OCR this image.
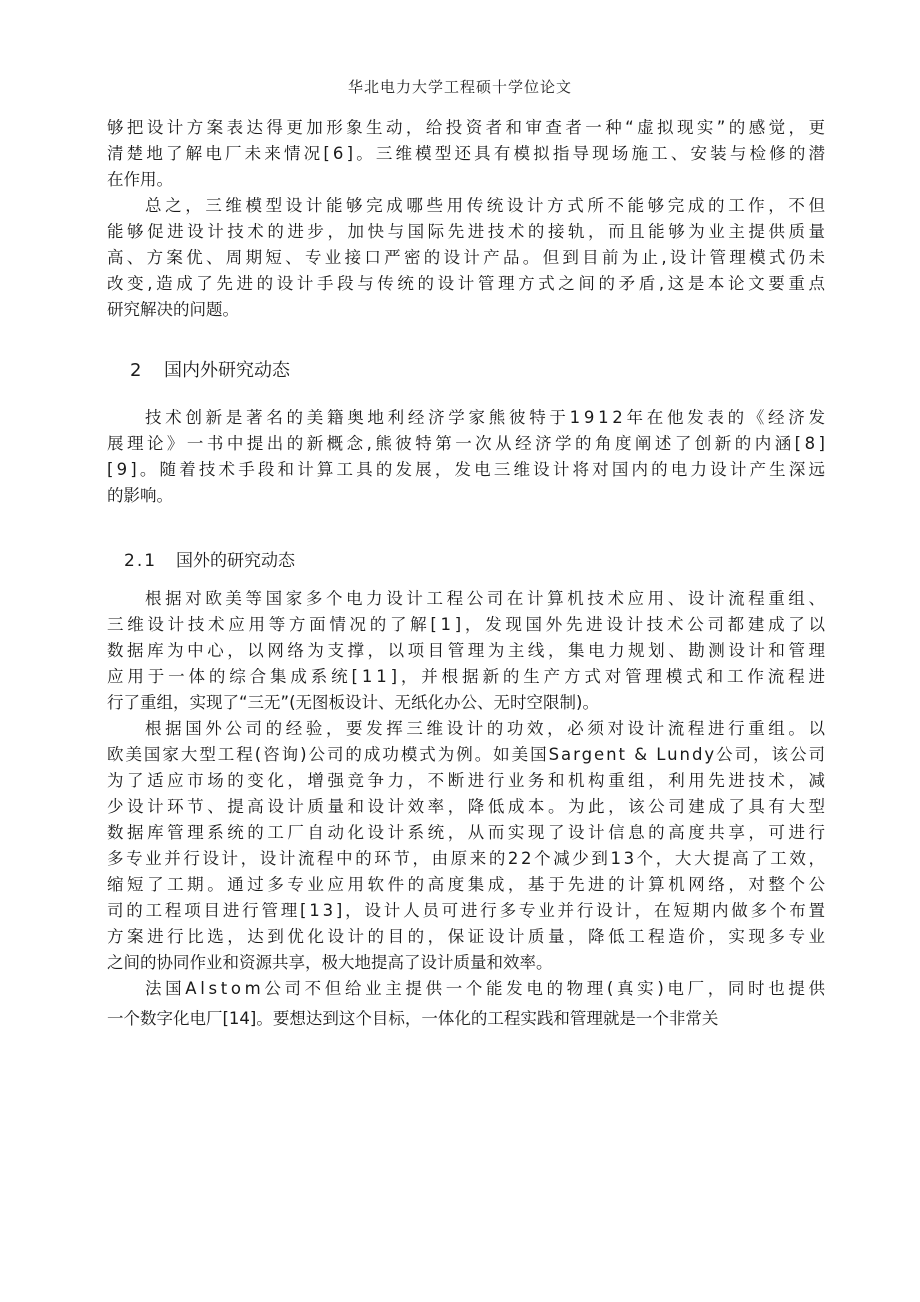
华北电力大学工程硕十学位论文
够把设计方案表达得更加形象生动，给投资者和审查者一种“虚拟现实”的感觉，更
清楚地了解电厂未来情况[6]。三维模型还具有模拟指导现场施工、安装与检修的潜
在作用。
总之，三维模型设计能够完成哪些用传统设计方式所不能够完成的工作，不但
能够促进设计技术的进步，加快与国际先进技术的接轨，而且能够为业主提供质量
高、方案优、周期短、专业接口严密的设计产品。但到目前为止,设计管理模式仍未
改变,造成了先进的设计手段与传统的设计管理方式之间的矛盾,这是本论文要重点
研究解决的问题。
2 国内外研究动态
技术创新是著名的美籍奥地利经济学家熊彼特于1912年在他发表的《经济发
展理论》一书中提出的新概念,熊彼特第一次从经济学的角度阐述了创新的内涵[8]
[9]。随着技术手段和计算工具的发展，发电三维设计将对国内的电力设计产生深远
的影响。
2.1 国外的研究动态
根据对欧美等国家多个电力设计工程公司在计算机技术应用、设计流程重组、
三维设计技术应用等方面情况的了解[1]，发现国外先进设计技术公司都建成了以
数据库为中心，以网络为支撑，以项目管理为主线，集电力规划、勘测设计和管理
应用于一体的综合集成系统[11]，并根据新的生产方式对管理模式和工作流程进
行了重组，实现了“三无”(无图板设计、无纸化办公、无时空限制)。
根据国外公司的经验，要发挥三维设计的功效，必须对设计流程进行重组。以
欧美国家大型工程(咨询)公司的成功模式为例。如美国Sargent & Lundy公司，该公司
为了适应市场的变化，增强竞争力，不断进行业务和机构重组，利用先进技术，减
少设计环节、提高设计质量和设计效率，降低成本。为此，该公司建成了具有大型
数据库管理系统的工厂自动化设计系统，从而实现了设计信息的高度共享，可进行
多专业并行设计，设计流程中的环节，由原来的22个减少到13个，大大提高了工效，
缩短了工期。通过多专业应用软件的高度集成，基于先进的计算机网络，对整个公
司的工程项目进行管理[13]，设计人员可进行多专业并行设计，在短期内做多个布置
方案进行比选，达到优化设计的目的，保证设计质量，降低工程造价，实现多专业
之间的协同作业和资源共享，极大地提高了设计质量和效率。
法国Alstom公司不但给业主提供一个能发电的物理(真实)电厂，同时也提供
一个数字化电厂[14]。要想达到这个目标，一体化的工程实践和管理就是一个非常关
